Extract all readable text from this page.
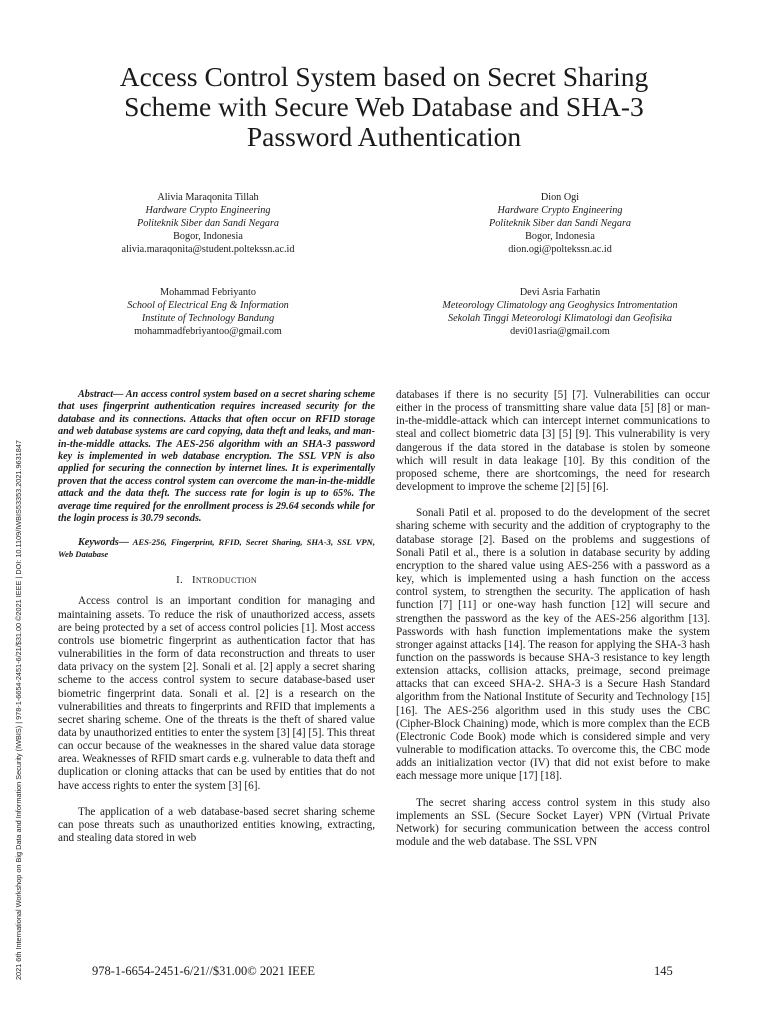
Access Control System based on Secret Sharing
Scheme with Secure Web Database and SHA-3
Password Authentication
Alivia Maraqonita Tillah
Hardware Crypto Engineering
Politeknik Siber dan Sandi Negara
Bogor, Indonesia
alivia.maraqonita@student.poltekssn.ac.id
Dion Ogi
Hardware Crypto Engineering
Politeknik Siber dan Sandi Negara
Bogor, Indonesia
dion.ogi@poltekssn.ac.id
Mohammad Febriyanto
School of Electrical Eng & Information
Institute of Technology Bandung
mohammadfebriyantoo@gmail.com
Devi Asria Farhatin
Meteorology Climatology ang Geoghysics Intromentation
Sekolah Tinggi Meteorologi Klimatologi dan Geofisika
devi01asria@gmail.com
2021 6th International Workshop on Big Data and Information Security (IWBIS) | 978-1-6654-2451-6/21/$31.00 ©2021 IEEE | DOI: 10.1109/IWBIS53353.2021.9631847

Abstract— An access control system based on a secret sharing scheme that uses fingerprint authentication requires increased security for the database and its connections. Attacks that often occur on RFID storage and web database systems are card copying, data theft and leaks, and man-in-the-middle attacks. The AES-256 algorithm with an SHA-3 password key is implemented in web database encryption. The SSL VPN is also applied for securing the connection by internet lines. It is experimentally proven that the access control system can overcome the man-in-the-middle attack and the data theft. The success rate for login is up to 65%. The average time required for the enrollment process is 29.64 seconds while for the login process is 30.79 seconds.

Keywords— AES-256, Fingerprint, RFID, Secret Sharing, SHA-3, SSL VPN, Web Database

I. Introduction

Access control is an important condition for managing and maintaining assets. To reduce the risk of unauthorized access, assets are being protected by a set of access control policies [1]. Most access controls use biometric fingerprint as authentication factor that has vulnerabilities in the form of data reconstruction and threats to user data privacy on the system [2]. Sonali et al. [2] apply a secret sharing scheme to the access control system to secure database-based user biometric fingerprint data. Sonali et al. [2] is a research on the vulnerabilities and threats to fingerprints and RFID that implements a secret sharing scheme. One of the threats is the theft of shared value data by unauthorized entities to enter the system [3] [4] [5]. This threat can occur because of the weaknesses in the shared value data storage area. Weaknesses of RFID smart cards e.g. vulnerable to data theft and duplication or cloning attacks that can be used by entities that do not have access rights to enter the system [3] [6].

The application of a web database-based secret sharing scheme can pose threats such as unauthorized entities knowing, extracting, and stealing data stored in web

databases if there is no security [5] [7]. Vulnerabilities can occur either in the process of transmitting share value data [5] [8] or man-in-the-middle-attack which can intercept internet communications to steal and collect biometric data [3] [5] [9]. This vulnerability is very dangerous if the data stored in the database is stolen by someone which will result in data leakage [10]. By this condition of the proposed scheme, there are shortcomings, the need for research development to improve the scheme [2] [5] [6].

Sonali Patil et al. proposed to do the development of the secret sharing scheme with security and the addition of cryptography to the database storage [2]. Based on the problems and suggestions of Sonali Patil et al., there is a solution in database security by adding encryption to the shared value using AES-256 with a password as a key, which is implemented using a hash function on the access control system, to strengthen the security. The application of hash function [7] [11] or one-way hash function [12] will secure and strengthen the password as the key of the AES-256 algorithm [13]. Passwords with hash function implementations make the system stronger against attacks [14]. The reason for applying the SHA-3 hash function on the passwords is because SHA-3 resistance to key length extension attacks, collision attacks, preimage, second preimage attacks that can exceed SHA-2. SHA-3 is a Secure Hash Standard algorithm from the National Institute of Security and Technology [15] [16]. The AES-256 algorithm used in this study uses the CBC (Cipher-Block Chaining) mode, which is more complex than the ECB (Electronic Code Book) mode which is considered simple and very vulnerable to modification attacks. To overcome this, the CBC mode adds an initialization vector (IV) that did not exist before to make each message more unique [17] [18].

The secret sharing access control system in this study also implements an SSL (Secure Socket Layer) VPN (Virtual Private Network) for securing communication between the access control module and the web database. The SSL VPN

978-1-6654-2451-6/21//$31.00© 2021 IEEE	145
